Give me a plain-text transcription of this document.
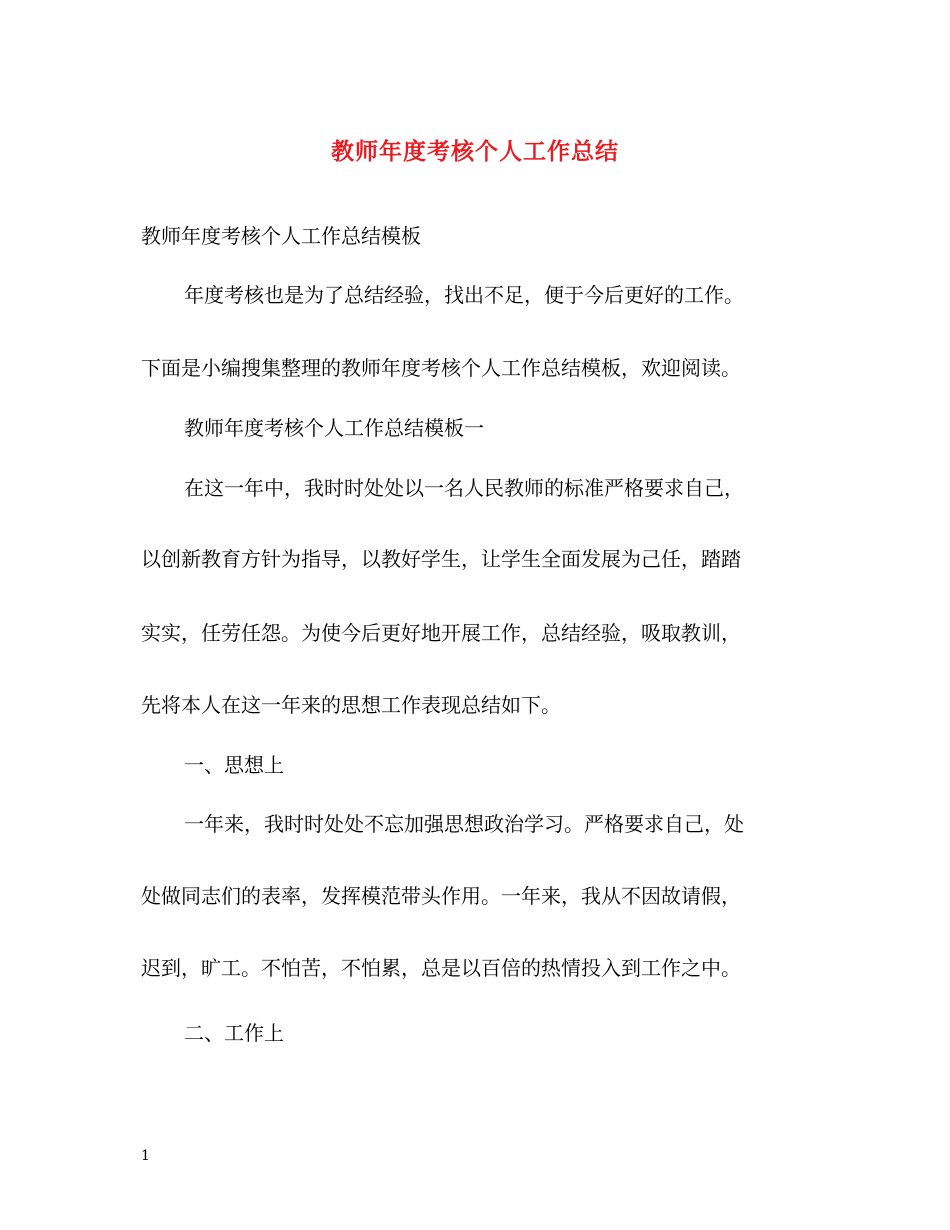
教师年度考核个人工作总结
教师年度考核个人工作总结模板
年度考核也是为了总结经验，找出不足，便于今后更好的工作。
下面是小编搜集整理的教师年度考核个人工作总结模板，欢迎阅读。
教师年度考核个人工作总结模板一
在这一年中，我时时处处以一名人民教师的标准严格要求自己，
以创新教育方针为指导，以教好学生，让学生全面发展为己任，踏踏
实实，任劳任怨。为使今后更好地开展工作，总结经验，吸取教训，
先将本人在这一年来的思想工作表现总结如下。
一、思想上
一年来，我时时处处不忘加强思想政治学习。严格要求自己，处
处做同志们的表率，发挥模范带头作用。一年来，我从不因故请假，
迟到，旷工。不怕苦，不怕累，总是以百倍的热情投入到工作之中。
二、工作上
1
